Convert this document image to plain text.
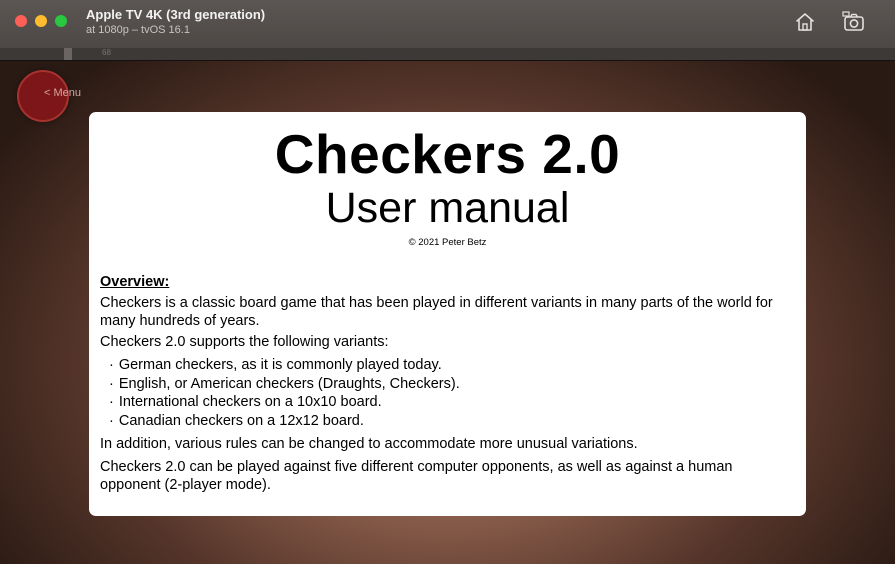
Apple TV 4K (3rd generation)
at 1080p – tvOS 16.1
68
< Menu
Checkers 2.0
User manual
© 2021 Peter Betz
Overview:
Checkers is a classic board game that has been played in different variants in many parts of the world for many hundreds of years.
Checkers 2.0 supports the following variants:
· German checkers, as it is commonly played today.
· English, or American checkers (Draughts, Checkers).
· International checkers on a 10x10 board.
· Canadian checkers on a 12x12 board.
In addition, various rules can be changed to accommodate more unusual variations.
Checkers 2.0 can be played against five different computer opponents, as well as against a human opponent (2-player mode).
